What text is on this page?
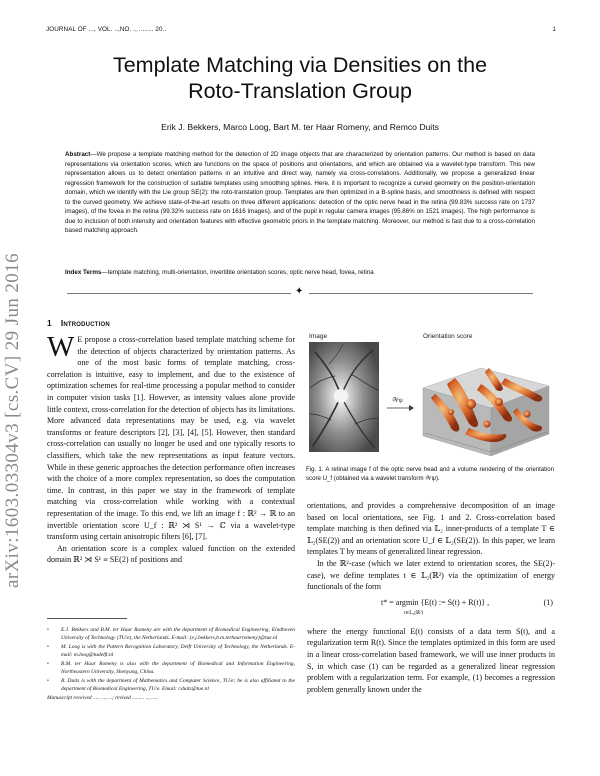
JOURNAL OF ..., VOL. ..,NO. ., ........ 20..	1
arXiv:1603.03304v3 [cs.CV] 29 Jun 2016
Template Matching via Densities on the
Roto-Translation Group
Erik J. Bekkers, Marco Loog, Bart M. ter Haar Romeny, and Remco Duits
Abstract—We propose a template matching method for the detection of 2D image objects that are characterized by orientation patterns. Our method is based on data representations via orientation scores, which are functions on the space of positions and orientations, and which are obtained via a wavelet-type transform. This new representation allows us to detect orientation patterns in an intuitive and direct way, namely via cross-correlations. Additionally, we propose a generalized linear regression framework for the construction of suitable templates using smoothing splines. Here, it is important to recognize a curved geometry on the position-orientation domain, which we identify with the Lie group SE(2): the roto-translation group. Templates are then optimized in a B-spline basis, and smoothness is defined with respect to the curved geometry. We achieve state-of-the-art results on three different applications: detection of the optic nerve head in the retina (99.83% success rate on 1737 images), of the fovea in the retina (99.32% success rate on 1616 images), and of the pupil in regular camera images (95.86% on 1521 images). The high performance is due to inclusion of both intensity and orientation features with effective geometric priors in the template matching. Moreover, our method is fast due to a cross-correlation based matching approach.
Index Terms—template matching, multi-orientation, invertible orientation scores, optic nerve head, fovea, retina
✦
1 Introduction

W E propose a cross-correlation based template matching scheme for the detection of objects characterized by orientation patterns. As one of the most basic forms of template matching, cross-correlation is intuitive, easy to implement, and due to the existence of optimization schemes for real-time processing a popular method to consider in computer vision tasks [1]. However, as intensity values alone provide little context, cross-correlation for the detection of objects has its limitations. More advanced data representations may be used, e.g. via wavelet transforms or feature descriptors [2], [3], [4], [5]. However, then standard cross-correlation can usually no longer be used and one typically resorts to classifiers, which take the new representations as input feature vectors. While in these generic approaches the detection performance often increases with the choice of a more complex representation, so does the computation time. In contrast, in this paper we stay in the framework of template matching via cross-correlation while working with a contextual representation of the image. To this end, we lift an image f : ℝ² → ℝ to an invertible orientation score U_f : ℝ² ⋊ S¹ → ℂ via a wavelet-type transform using certain anisotropic filters [6], [7].

An orientation score is a complex valued function on the extended domain ℝ² ⋊ S¹ ≡ SE(2) of positions and

• E.J. Bekkers and B.M. ter Haar Romeny are with the department of Biomedical Engineering, Eindhoven University of Technology (TU/e), the Netherlands. E-mail: {e.j.bekkers,b.m.terhaarromeny}@tue.nl
• M. Loog is with the Pattern Recognition Laboratory, Delft University of Technology, the Netherlands. E-mail: m.loog@tudelft.nl
• B.M. ter Haar Romeny is also with the department of Biomedical and Information Engineering, Northeastern University, Shenyang, China.
• R. Duits is with the department of Mathematics and Computer Science, TU/e; he is also affiliated to the department of Biomedical Engineering, TU/e. Email: r.duits@tue.nl
Manuscript received ..... ..., ...; revised ......... .., .....
Image
𝒲ψ
Orientation score
Fig. 1. A retinal image f of the optic nerve head and a volume rendering of the orientation score U_f (obtained via a wavelet transform 𝒲ψ).

orientations, and provides a comprehensive decomposition of an image based on local orientations, see Fig. 1 and 2. Cross-correlation based template matching is then defined via 𝕃₂ inner-products of a template T ∈ 𝕃₂(SE(2)) and an orientation score U_f ∈ 𝕃₂(SE(2)). In this paper, we learn templates T by means of generalized linear regression.

In the ℝ²-case (which we later extend to orientation scores, the SE(2)-case), we define templates t ∈ 𝕃₂(ℝ²) via the optimization of energy functionals of the form

t* = argmin {E(t) := S(t) + R(t)} ,
t∈𝕃₂(ℝ²)
(1)

where the energy functional E(t) consists of a data term S(t), and a regularization term R(t). Since the templates optimized in this form are used in a linear cross-correlation based framework, we will use inner products in S, in which case (1) can be regarded as a generalized linear regression problem with a regularization term. For example, (1) becomes a regression problem generally known under the
